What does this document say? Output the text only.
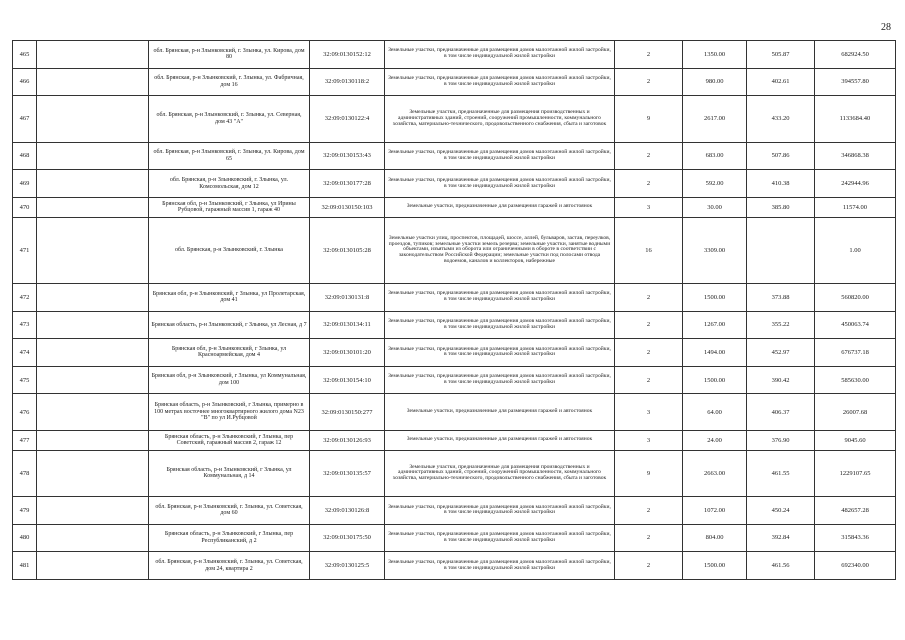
28
465		обл. Брянская, р-н Злынковский, г. Злынка, ул. Кирова, дом 80	32:09:0130152:12	Земельные участки, предназначенные для размещения домов малоэтажной жилой застройки, в том числе индивидуальной жилой застройки	2	1350.00	505.87	682924.50
466		обл. Брянская, р-н Злынковский, г. Злынка, ул. Фабричная, дом 16	32:09:0130118:2	Земельные участки, предназначенные для размещения домов малоэтажной жилой застройки, в том числе индивидуальной жилой застройки	2	980.00	402.61	394557.80
467		обл. Брянская, р-н Злынковский, г. Злынка, ул. Северная, дом 43 "А"	32:09:0130122:4	Земельные участки, предназначенные для размещения производственных и административных зданий, строений, сооружений промышленности, коммунального хозяйства, материально-технического, продовольственного снабжения, сбыта и заготовок	9	2617.00	433.20	1133684.40
468		обл. Брянская, р-н Злынковский, г. Злынка, ул. Кирова, дом 65	32:09:0130153:43	Земельные участки, предназначенные для размещения домов малоэтажной жилой застройки, в том числе индивидуальной жилой застройки	2	683.00	507.86	346868.38
469		обл. Брянская, р-н Злынковский, г. Злынка, ул. Комсомольская, дом 12	32:09:0130177:28	Земельные участки, предназначенные для размещения домов малоэтажной жилой застройки, в том числе индивидуальной жилой застройки	2	592.00	410.38	242944.96
470		Брянская обл, р-н Злынковский, г Злынка, ул Ирины Рубцовой, гаражный массив 1, гараж 40	32:09:0130150:103	Земельные участки, предназначенные для размещения гаражей и автостоянок	3	30.00	385.80	11574.00
471		обл. Брянская, р-н Злынковский, г. Злынка	32:09:0130105:28	Земельные участки улиц, проспектов, площадей, шоссе, аллей, бульваров, застав, переулков, проездов, тупиков; земельные участки земель резерва; земельные участки, занятые водными объектами, изъятыми из оборота или ограниченными в обороте в соответствии с законодательством Российской Федерации; земельные участки под полосами отвода водоемов, каналов и коллекторов, набережные	16	3309.00		1.00
472		Брянская обл, р-н Злынковский, г Злынка, ул Пролетарская, дом 41	32:09:0130131:8	Земельные участки, предназначенные для размещения домов малоэтажной жилой застройки, в том числе индивидуальной жилой застройки	2	1500.00	373.88	560820.00
473		Брянская область, р-н Злынковский, г Злынка, ул Лесная, д 7	32:09:0130134:11	Земельные участки, предназначенные для размещения домов малоэтажной жилой застройки, в том числе индивидуальной жилой застройки	2	1267.00	355.22	450063.74
474		Брянская обл, р-н Злынковский, г Злынка, ул Красноармейская, дом 4	32:09:0130101:20	Земельные участки, предназначенные для размещения домов малоэтажной жилой застройки, в том числе индивидуальной жилой застройки	2	1494.00	452.97	676737.18
475		Брянская обл, р-н Злынковский, г Злынка, ул Коммунальная, дом 100	32:09:0130154:10	Земельные участки, предназначенные для размещения домов малоэтажной жилой застройки, в том числе индивидуальной жилой застройки	2	1500.00	390.42	585630.00
476		Брянская область, р-н Злынковский, г Злынка, примерно в 100 метрах восточнее многоквартирного жилого дома N23 "В" по ул И.Рубцовой	32:09:0130150:277	Земельные участки, предназначенные для размещения гаражей и автостоянок	3	64.00	406.37	26007.68
477		Брянская область, р-н Злынковский, г Злынка, пер Советский, гаражный массив 2, гараж 12	32:09:0130126:93	Земельные участки, предназначенные для размещения гаражей и автостоянок	3	24.00	376.90	9045.60
478		Брянская область, р-н Злынковский, г Злынка, ул Коммунальная, д 14	32:09:0130135:57	Земельные участки, предназначенные для размещения производственных и административных зданий, строений, сооружений промышленности, коммунального хозяйства, материально-технического, продовольственного снабжения, сбыта и заготовок	9	2663.00	461.55	1229107.65
479		обл. Брянская, р-н Злынковский, г. Злынка, ул. Советская, дом 60	32:09:0130126:8	Земельные участки, предназначенные для размещения домов малоэтажной жилой застройки, в том числе индивидуальной жилой застройки	2	1072.00	450.24	482657.28
480		Брянская область, р-н Злынковский, г Злынка, пер Республиканский, д 2	32:09:0130175:50	Земельные участки, предназначенные для размещения домов малоэтажной жилой застройки, в том числе индивидуальной жилой застройки	2	804.00	392.84	315843.36
481		обл. Брянская, р-н Злынковский, г. Злынка, ул. Советская, дом 24, квартира 2	32:09:0130125:5	Земельные участки, предназначенные для размещения домов малоэтажной жилой застройки, в том числе индивидуальной жилой застройки	2	1500.00	461.56	692340.00
